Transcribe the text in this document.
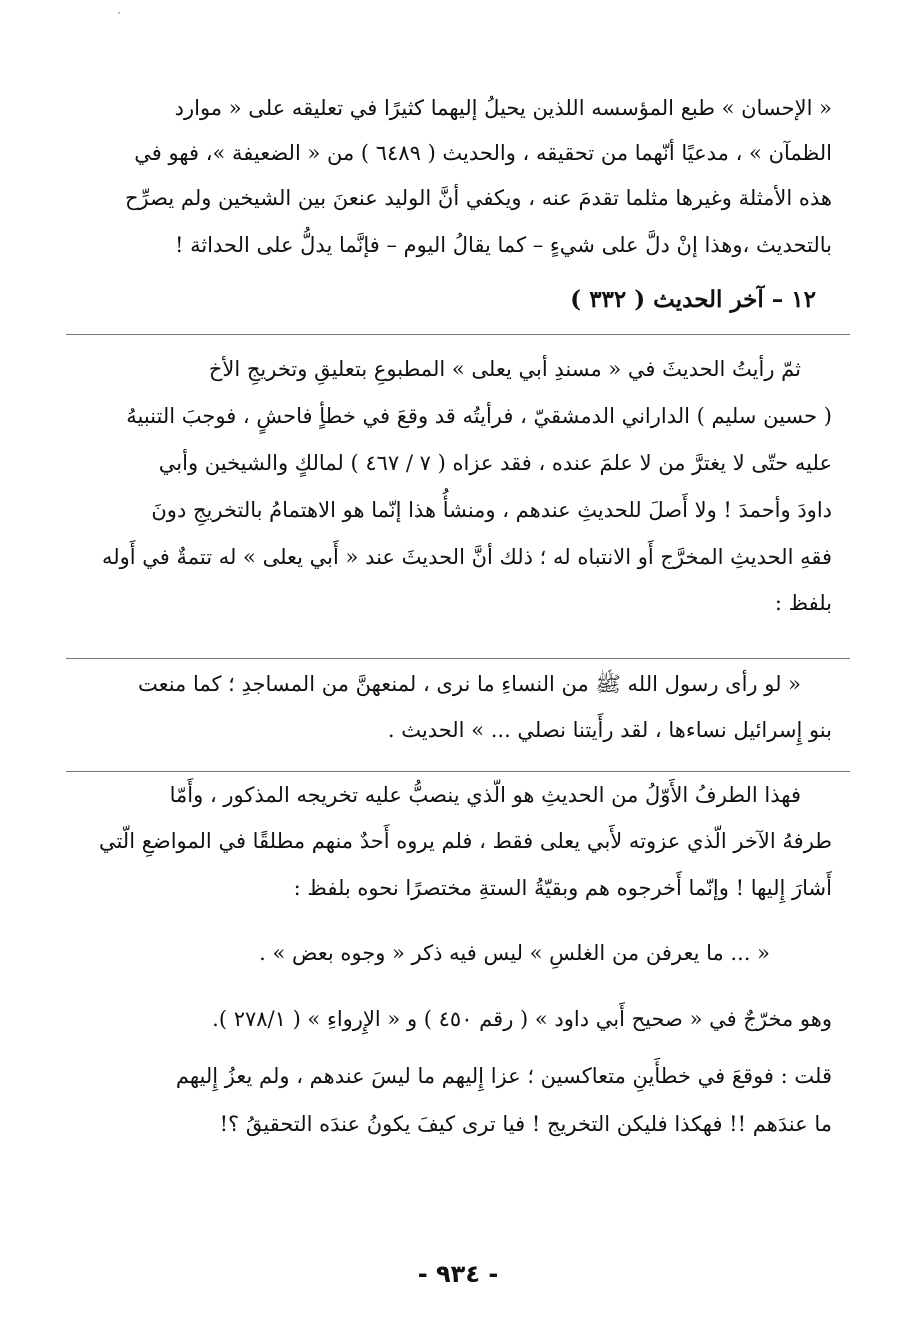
« الإحسان » طبع المؤسسه اللذين يحيلُ إليهما كثيرًا في تعليقه على « موارد
الظمآن » ، مدعيًا أنّهما من تحقيقه ، والحديث ( ٦٤٨٩ ) من « الضعيفة »، فهو في
هذه الأمثلة وغيرها مثلما تقدمَ عنه ، ويكفي أنَّ الوليد عنعنَ بين الشيخين ولم يصرِّح
بالتحديث ،وهذا إنْ دلَّ على شيءٍ – كما يقالُ اليوم – فإنَّما يدلُّ على الحداثة !
١٢ – آخر الحديث ( ٣٣٢ )
ثمّ رأيتُ الحديثَ في « مسندِ أبي يعلى » المطبوعِ بتعليقِ وتخريجِ الأخ
( حسين سليم ) الداراني الدمشقيّ ، فرأيتُه قد وقعَ في خطأٍ فاحشٍ ، فوجبَ التنبيهُ
عليه حتّى لا يغترَّ من لا علمَ عنده ، فقد عزاه ( ٧ / ٤٦٧ ) لمالكٍ والشيخين وأبي
داودَ وأحمدَ ! ولا أَصلَ للحديثِ عندهم ، ومنشأُ هذا إنّما هو الاهتمامُ بالتخريجِ دونَ
فقهِ الحديثِ المخرَّج أَو الانتباه له ؛ ذلك أنَّ الحديثَ عند « أَبي يعلى » له تتمةٌ في أَوله
بلفظ :
« لو رأى رسول الله ﷺ من النساءِ ما نرى ، لمنعهنَّ من المساجدِ ؛ كما منعت
بنو إِسرائيل نساءها ، لقد رأَيتنا نصلي ... » الحديث .
فهذا الطرفُ الأَوّلُ من الحديثِ هو الّذي ينصبُّ عليه تخريجه المذكور ، وأَمّا
طرفهُ الآخر الّذي عزوته لأَبي يعلى فقط ، فلم يروه أَحدٌ منهم مطلقًا في المواضعِ الّتي
أَشارَ إِليها ! وإنّما أَخرجوه هم وبقيّةُ الستةِ مختصرًا نحوه بلفظ :
« ... ما يعرفن من الغلسِ » ليس فيه ذكر « وجوه بعض » .
وهو مخرّجٌ في « صحيح أَبي داود » ( رقم ٤٥٠ ) و « الإِرواءِ » ( ٢٧٨/١ ).
قلت : فوقعَ في خطأَينِ متعاكسين ؛ عزا إِليهم ما ليسَ عندهم ، ولم يعزُ إِليهم
ما عندَهم !! فهكذا فليكن التخريج ! فيا ترى كيفَ يكونُ عندَه التحقيقُ ؟!
- ٩٣٤ -
